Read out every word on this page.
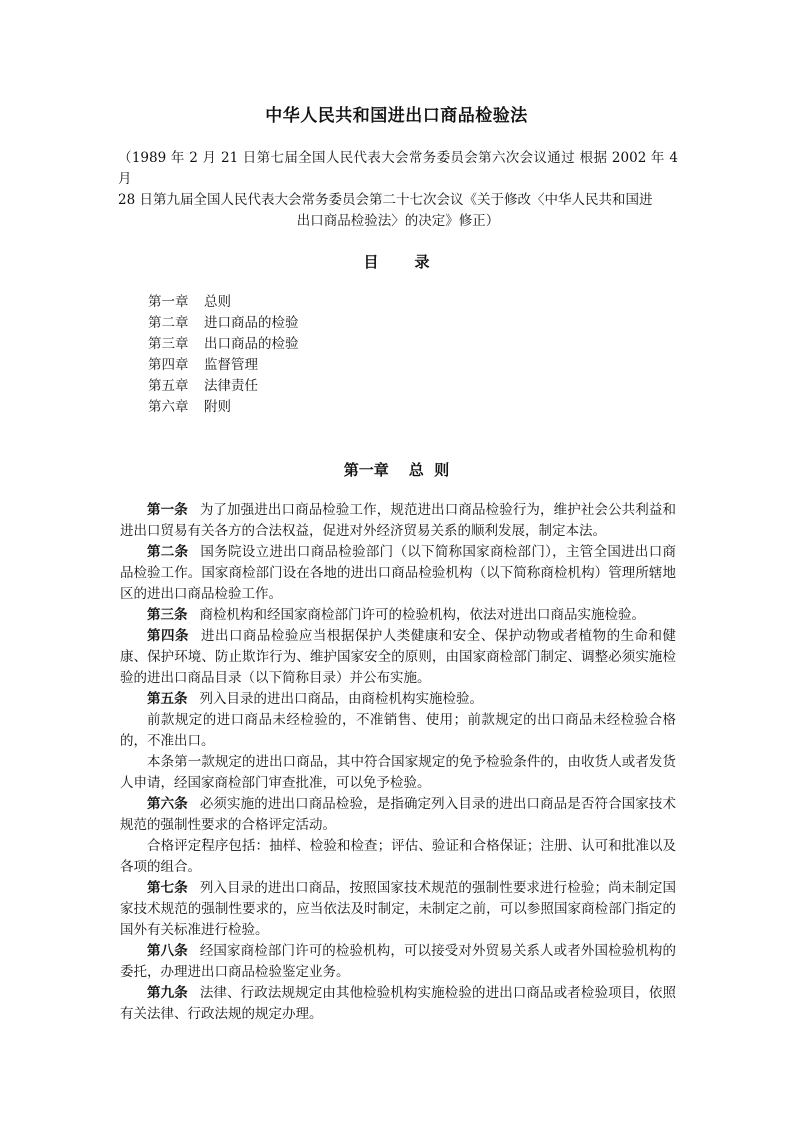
中华人民共和国进出口商品检验法
（1989 年 2 月 21 日第七届全国人民代表大会常务委员会第六次会议通过 根据 2002 年 4 月
28 日第九届全国人民代表大会常务委员会第二十七次会议《关于修改〈中华人民共和国进
出口商品检验法〉的决定》修正）
目录
第一章 总则
第二章 进口商品的检验
第三章 出口商品的检验
第四章 监督管理
第五章 法律责任
第六章 附则
第一章 总  则

第一条 为了加强进出口商品检验工作，规范进出口商品检验行为，维护社会公共利益和进出口贸易有关各方的合法权益，促进对外经济贸易关系的顺利发展，制定本法。

第二条 国务院设立进出口商品检验部门（以下简称国家商检部门），主管全国进出口商品检验工作。国家商检部门设在各地的进出口商品检验机构（以下简称商检机构）管理所辖地区的进出口商品检验工作。

第三条 商检机构和经国家商检部门许可的检验机构，依法对进出口商品实施检验。

第四条 进出口商品检验应当根据保护人类健康和安全、保护动物或者植物的生命和健康、保护环境、防止欺诈行为、维护国家安全的原则，由国家商检部门制定、调整必须实施检验的进出口商品目录（以下简称目录）并公布实施。

第五条 列入目录的进出口商品，由商检机构实施检验。

前款规定的进口商品未经检验的，不准销售、使用；前款规定的出口商品未经检验合格的，不准出口。

本条第一款规定的进出口商品，其中符合国家规定的免予检验条件的，由收货人或者发货人申请，经国家商检部门审查批准，可以免予检验。

第六条 必须实施的进出口商品检验，是指确定列入目录的进出口商品是否符合国家技术规范的强制性要求的合格评定活动。

合格评定程序包括：抽样、检验和检查；评估、验证和合格保证；注册、认可和批准以及各项的组合。

第七条 列入目录的进出口商品，按照国家技术规范的强制性要求进行检验；尚未制定国家技术规范的强制性要求的，应当依法及时制定，未制定之前，可以参照国家商检部门指定的国外有关标准进行检验。

第八条 经国家商检部门许可的检验机构，可以接受对外贸易关系人或者外国检验机构的委托，办理进出口商品检验鉴定业务。

第九条 法律、行政法规规定由其他检验机构实施检验的进出口商品或者检验项目，依照有关法律、行政法规的规定办理。
